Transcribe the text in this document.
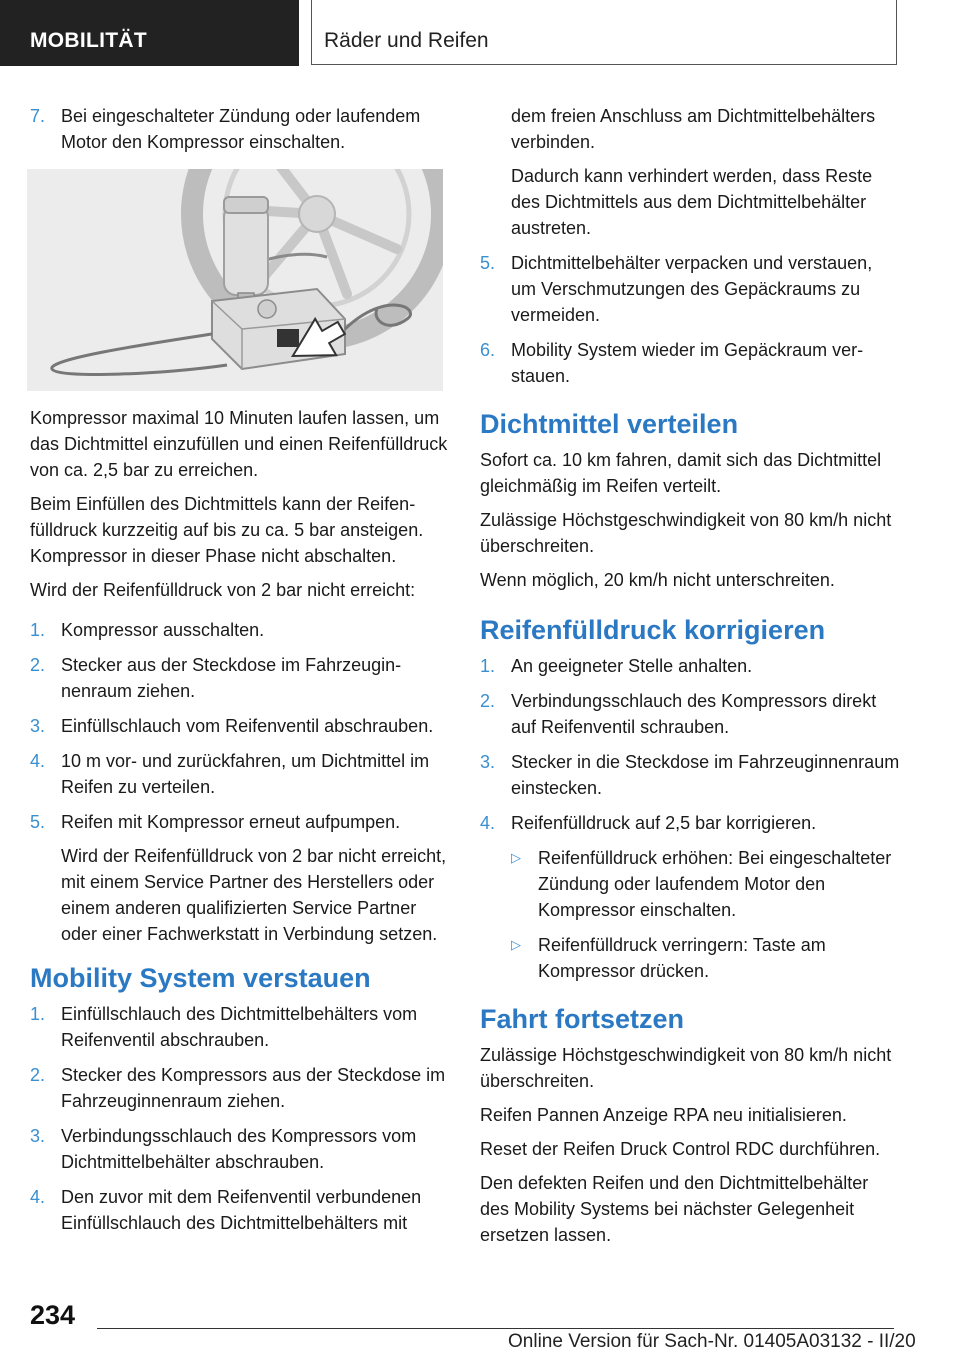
MOBILITÄT	Räder und Reifen
7. Bei eingeschalteter Zündung oder laufendem Motor den Kompressor einschalten.

Kompressor maximal 10 Minuten laufen lassen, um das Dichtmittel einzufüllen und einen Reifenfülldruck von ca. 2,5 bar zu erreichen.

Beim Einfüllen des Dichtmittels kann der Reifenfülldruck kurzzeitig auf bis zu ca. 5 bar ansteigen. Kompressor in dieser Phase nicht abschalten.

Wird der Reifenfülldruck von 2 bar nicht erreicht:

1. Kompressor ausschalten.
2. Stecker aus der Steckdose im Fahrzeuginnenraum ziehen.
3. Einfüllschlauch vom Reifenventil abschrauben.
4. 10 m vor- und zurückfahren, um Dichtmittel im Reifen zu verteilen.
5. Reifen mit Kompressor erneut aufpumpen.
Wird der Reifenfülldruck von 2 bar nicht erreicht, mit einem Service Partner des Herstellers oder einem anderen qualifizierten Service Partner oder einer Fachwerkstatt in Verbindung setzen.
Mobility System verstauen
1. Einfüllschlauch des Dichtmittelbehälters vom Reifenventil abschrauben.
2. Stecker des Kompressors aus der Steckdose im Fahrzeuginnenraum ziehen.
3. Verbindungsschlauch des Kompressors vom Dichtmittelbehälter abschrauben.
4. Den zuvor mit dem Reifenventil verbundenen Einfüllschlauch des Dichtmittelbehälters mit
dem freien Anschluss am Dichtmittelbehälters verbinden.
Dadurch kann verhindert werden, dass Reste des Dichtmittels aus dem Dichtmittelbehälter austreten.
5. Dichtmittelbehälter verpacken und verstauen, um Verschmutzungen des Gepäckraums zu vermeiden.
6. Mobility System wieder im Gepäckraum verstauen.
Dichtmittel verteilen

Sofort ca. 10 km fahren, damit sich das Dichtmittel gleichmäßig im Reifen verteilt.

Zulässige Höchstgeschwindigkeit von 80 km/h nicht überschreiten.

Wenn möglich, 20 km/h nicht unterschreiten.

Reifenfülldruck korrigieren
1. An geeigneter Stelle anhalten.
2. Verbindungsschlauch des Kompressors direkt auf Reifenventil schrauben.
3. Stecker in die Steckdose im Fahrzeuginnenraum einstecken.
4. Reifenfülldruck auf 2,5 bar korrigieren.
▷ Reifenfülldruck erhöhen: Bei eingeschalteter Zündung oder laufendem Motor den Kompressor einschalten.
▷ Reifenfülldruck verringern: Taste am Kompressor drücken.
Fahrt fortsetzen

Zulässige Höchstgeschwindigkeit von 80 km/h nicht überschreiten.

Reifen Pannen Anzeige RPA neu initialisieren.

Reset der Reifen Druck Control RDC durchführen.

Den defekten Reifen und den Dichtmittelbehälter des Mobility Systems bei nächster Gelegenheit ersetzen lassen.

234
Online Version für Sach-Nr. 01405A03132 - II/20
